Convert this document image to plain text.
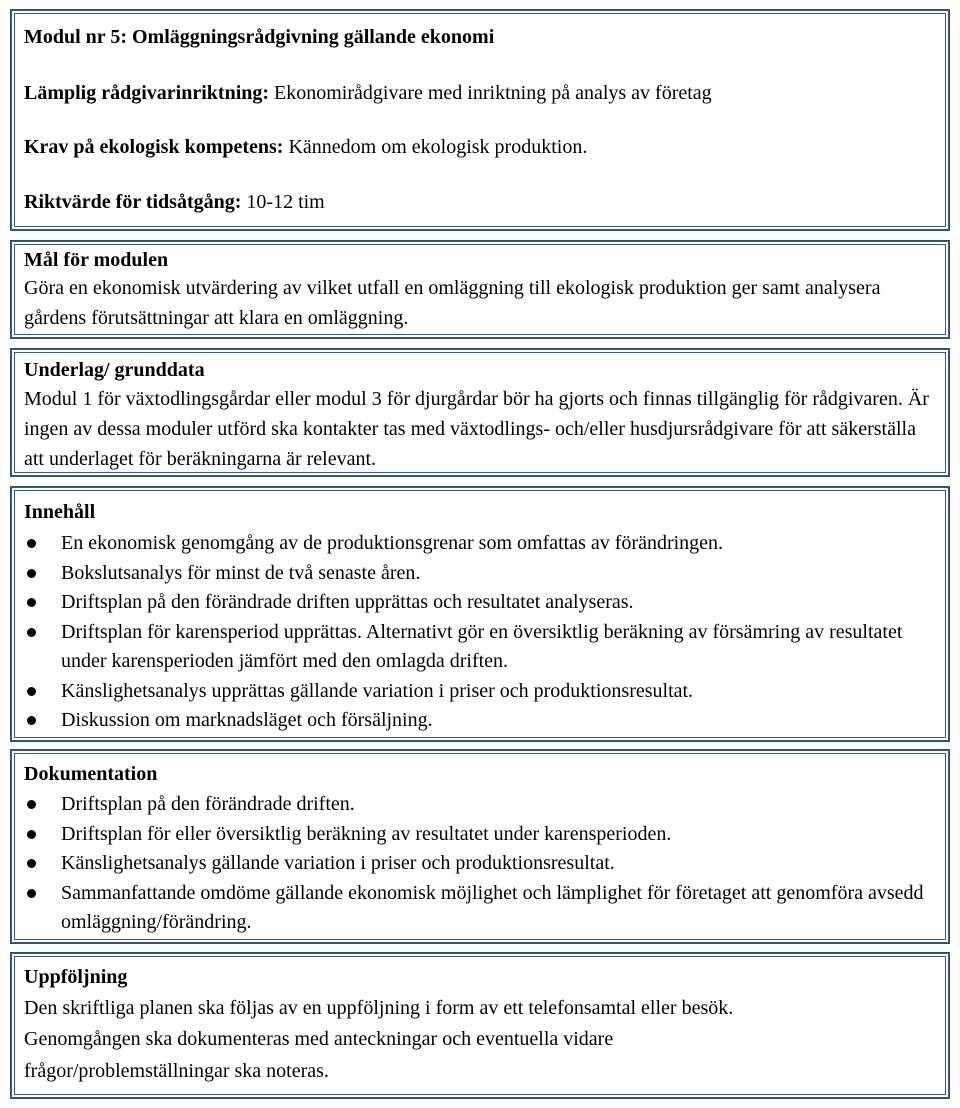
Modul nr 5: Omläggningsrådgivning gällande ekonomi
Lämplig rådgivarinriktning: Ekonomirådgivare med inriktning på analys av företag
Krav på ekologisk kompetens: Kännedom om ekologisk produktion.
Riktvärde för tidsåtgång: 10-12 tim
Mål för modulen
Göra en ekonomisk utvärdering av vilket utfall en omläggning till ekologisk produktion ger samt analysera gårdens förutsättningar att klara en omläggning.
Underlag/ grunddata
Modul 1 för växtodlingsgårdar eller modul 3 för djurgårdar bör ha gjorts och finnas tillgänglig för rådgivaren. Är ingen av dessa moduler utförd ska kontakter tas med växtodlings- och/eller husdjursrådgivare för att säkerställa att underlaget för beräkningarna är relevant.
Innehåll
En ekonomisk genomgång av de produktionsgrenar som omfattas av förändringen.
Bokslutsanalys för minst de två senaste åren.
Driftsplan på den förändrade driften upprättas och resultatet analyseras.
Driftsplan för karensperiod upprättas. Alternativt gör en översiktlig beräkning av försämring av resultatet under karensperioden jämfört med den omlagda driften.
Känslighetsanalys upprättas gällande variation i priser och produktionsresultat.
Diskussion om marknadsläget och försäljning.
Dokumentation
Driftsplan på den förändrade driften.
Driftsplan för eller översiktlig beräkning av resultatet under karensperioden.
Känslighetsanalys gällande variation i priser och produktionsresultat.
Sammanfattande omdöme gällande ekonomisk möjlighet och lämplighet för företaget att genomföra avsedd omläggning/förändring.
Uppföljning
Den skriftliga planen ska följas av en uppföljning i form av ett telefonsamtal eller besök.
Genomgången ska dokumenteras med anteckningar och eventuella vidare
frågor/problemställningar ska noteras.
